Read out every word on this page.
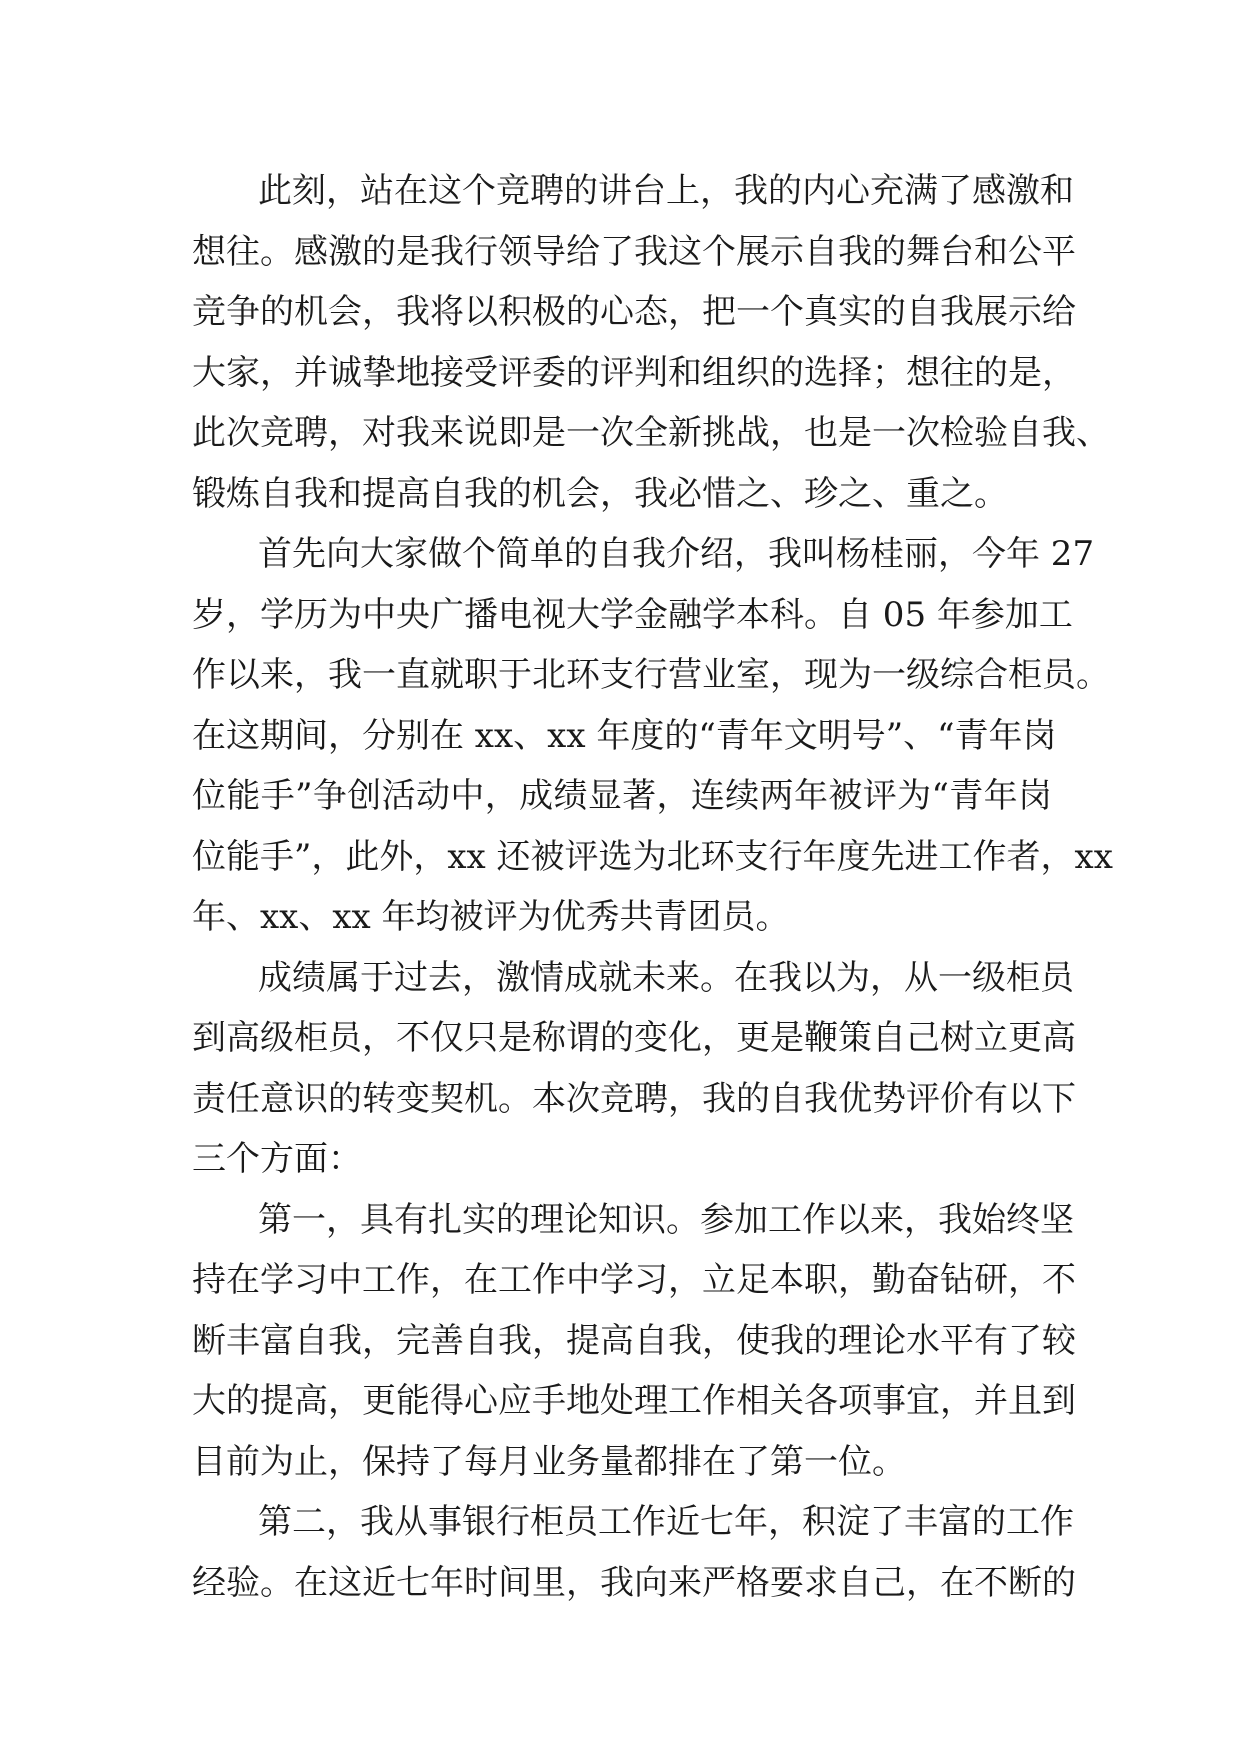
此刻，站在这个竞聘的讲台上，我的内心充满了感激和
想往。感激的是我行领导给了我这个展示自我的舞台和公平
竞争的机会，我将以积极的心态，把一个真实的自我展示给
大家，并诚挚地接受评委的评判和组织的选择；想往的是，
此次竞聘，对我来说即是一次全新挑战，也是一次检验自我、
锻炼自我和提高自我的机会，我必惜之、珍之、重之。
首先向大家做个简单的自我介绍，我叫杨桂丽，今年 27
岁，学历为中央广播电视大学金融学本科。自 05 年参加工
作以来，我一直就职于北环支行营业室，现为一级综合柜员。
在这期间，分别在 xx、xx 年度的“青年文明号”、“青年岗
位能手”争创活动中，成绩显著，连续两年被评为“青年岗
位能手”，此外，xx 还被评选为北环支行年度先进工作者，xx
年、xx、xx 年均被评为优秀共青团员。
成绩属于过去，激情成就未来。在我以为，从一级柜员
到高级柜员，不仅只是称谓的变化，更是鞭策自己树立更高
责任意识的转变契机。本次竞聘，我的自我优势评价有以下
三个方面：
第一，具有扎实的理论知识。参加工作以来，我始终坚
持在学习中工作，在工作中学习，立足本职，勤奋钻研，不
断丰富自我，完善自我，提高自我，使我的理论水平有了较
大的提高，更能得心应手地处理工作相关各项事宜，并且到
目前为止，保持了每月业务量都排在了第一位。
第二，我从事银行柜员工作近七年，积淀了丰富的工作
经验。在这近七年时间里，我向来严格要求自己，在不断的
